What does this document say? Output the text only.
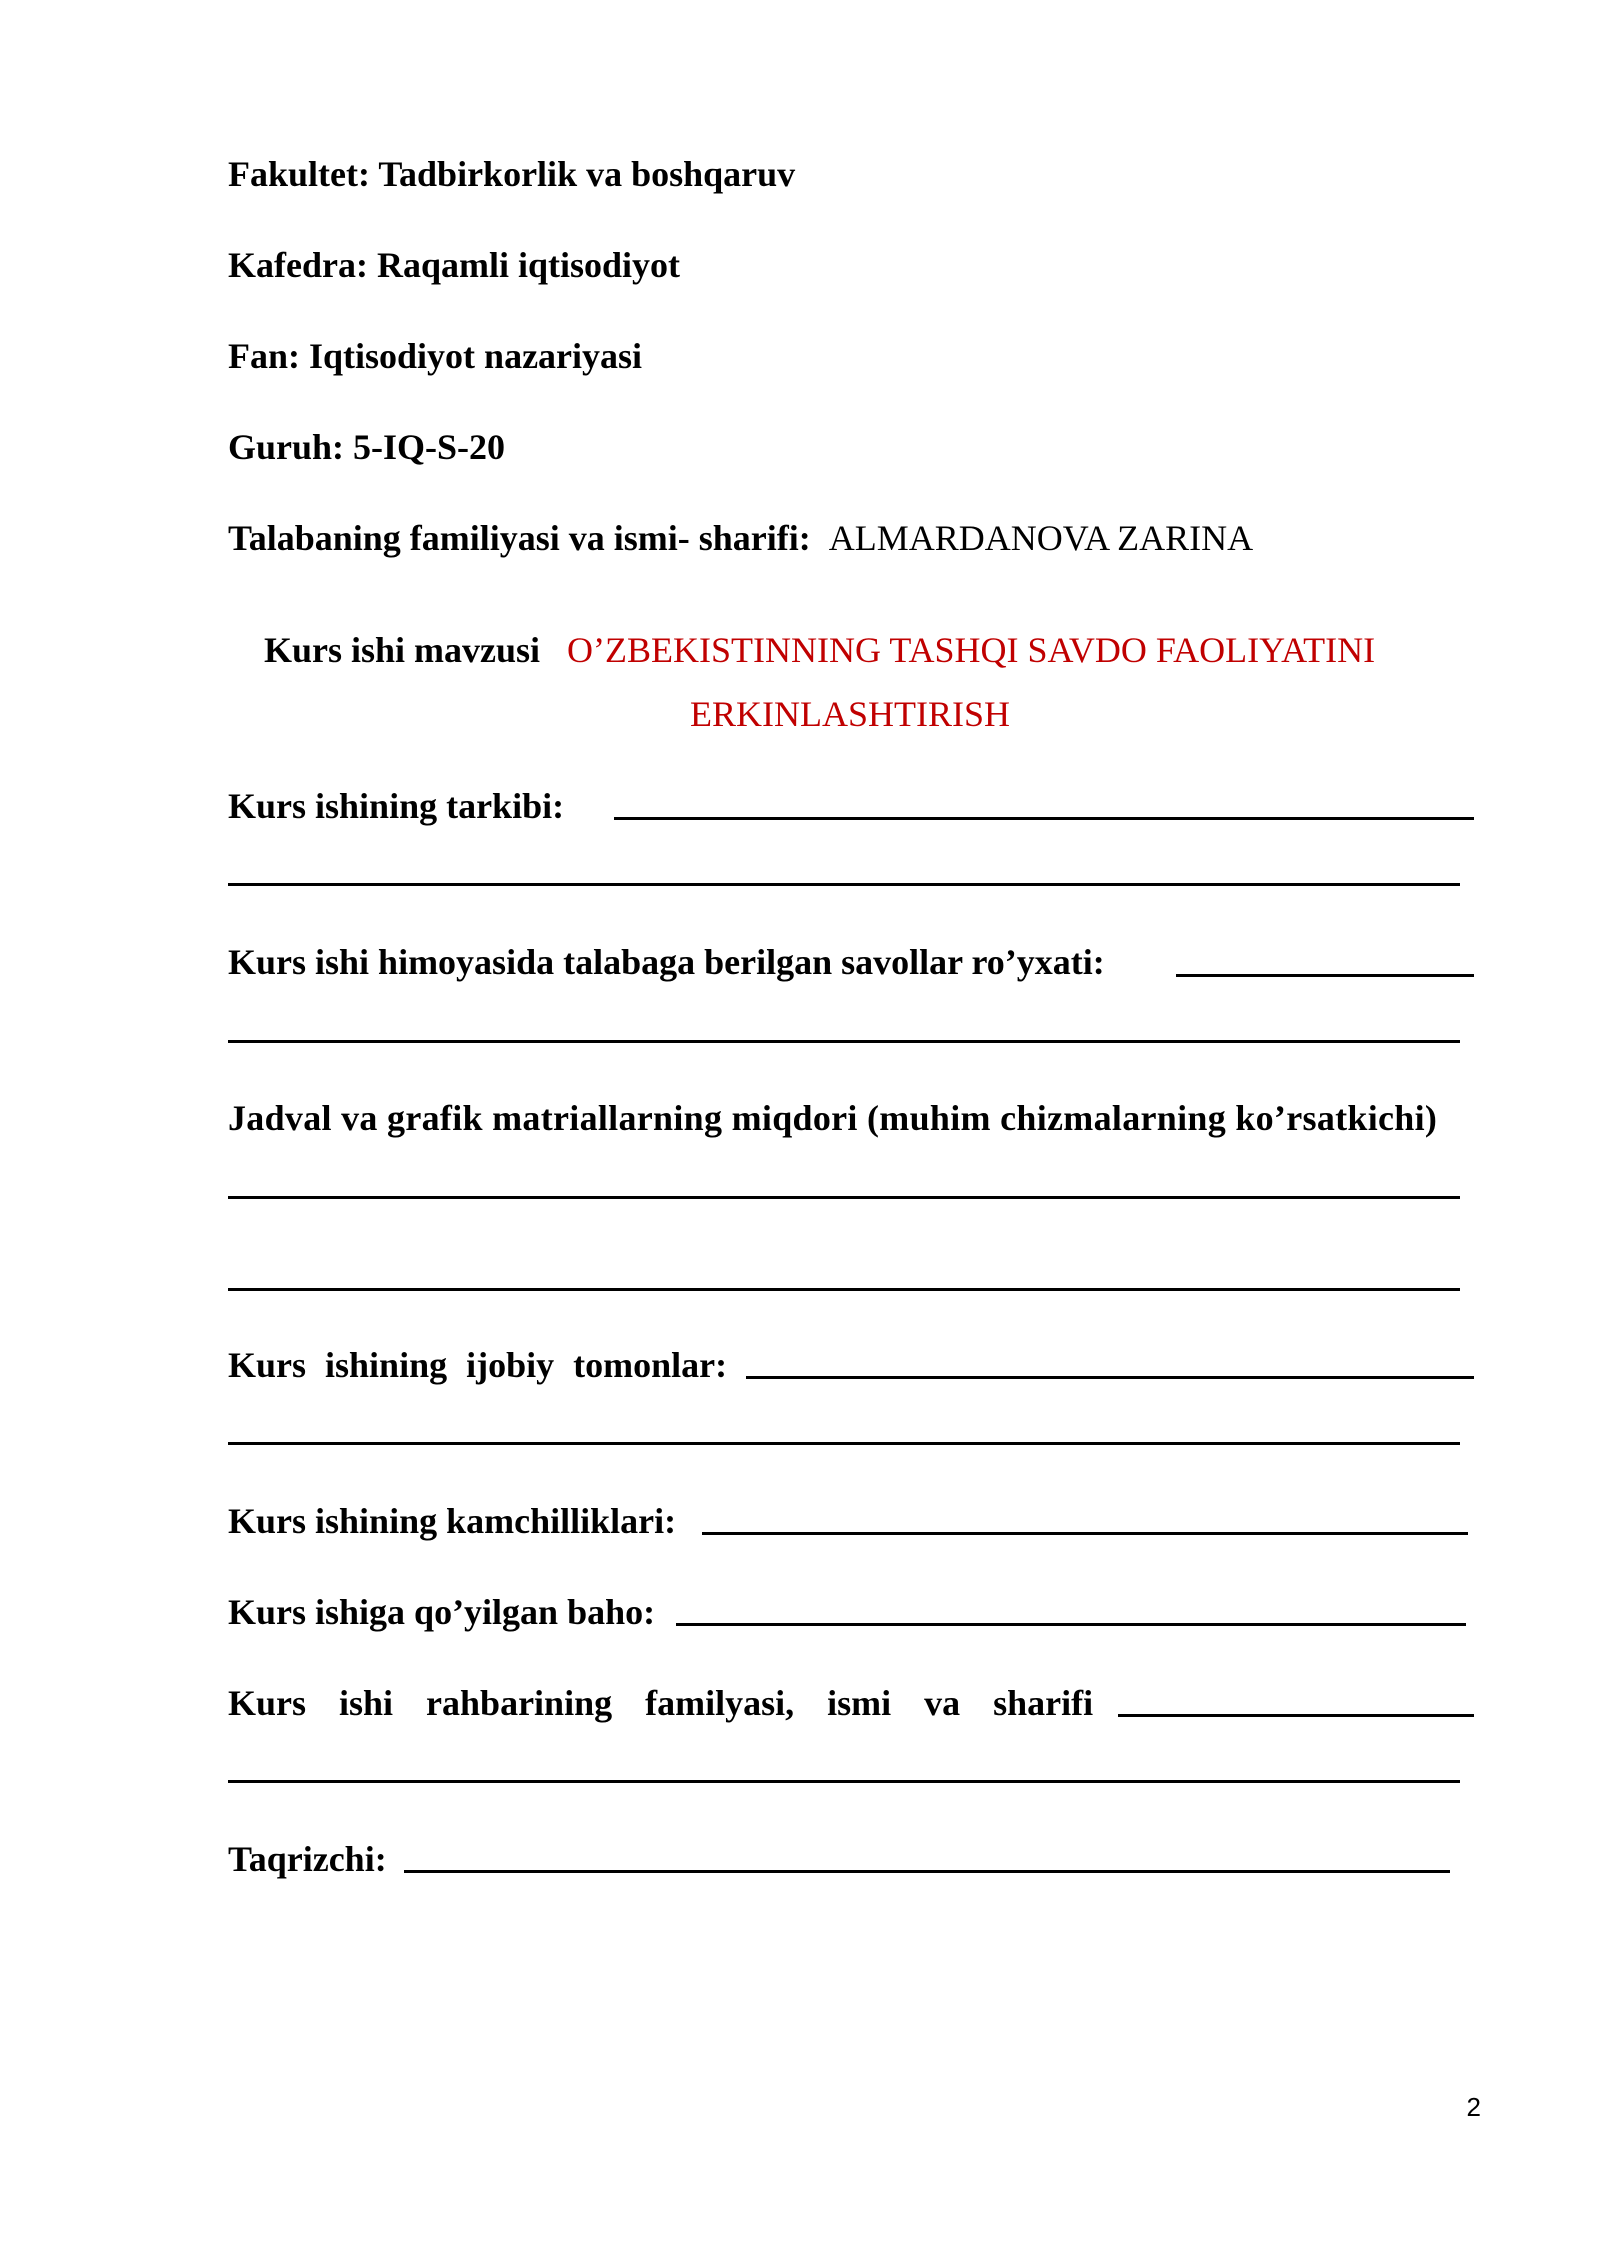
Fakultet: Tadbirkorlik va boshqaruv
Kafedra: Raqamli iqtisodiyot
Fan: Iqtisodiyot nazariyasi
Guruh: 5-IQ-S-20
Talabaning familiyasi va ismi- sharifi: ALMARDANOVA ZARINA
Kurs ishi mavzusi O’ZBEKISTINNING TASHQI SAVDO FAOLIYATINI
ERKINLASHTIRISH
Kurs ishining tarkibi:
Kurs ishi himoyasida talabaga berilgan savollar ro’yxati:
Jadval va grafik matriallarning miqdori (muhim chizmalarning ko’rsatkichi)
Kurs ishining ijobiy tomonlar:
Kurs ishining kamchilliklari:
Kurs ishiga qo’yilgan baho:
Kurs ishi rahbarining familyasi, ismi va sharifi
Taqrizchi:
2
